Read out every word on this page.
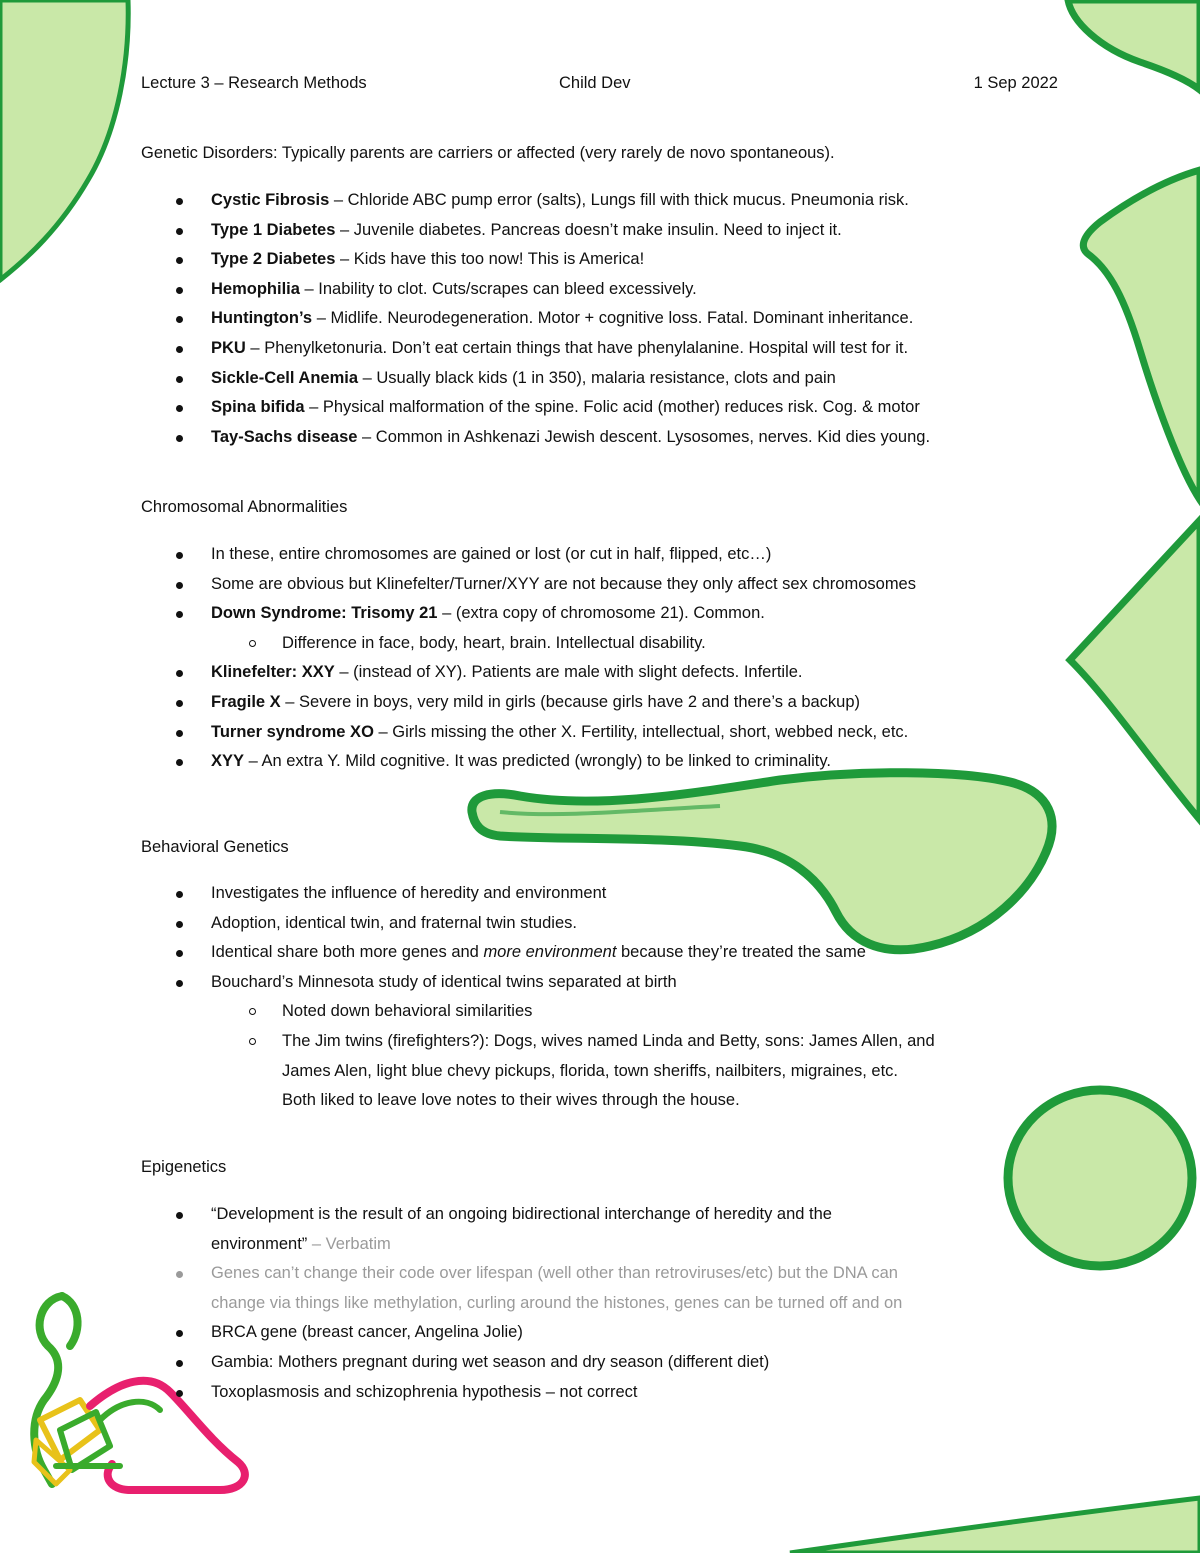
Lecture 3 – Research Methods	Child Dev	1 Sep 2022
Genetic Disorders: Typically parents are carriers or affected (very rarely de novo spontaneous).
Cystic Fibrosis – Chloride ABC pump error (salts), Lungs fill with thick mucus. Pneumonia risk.
Type 1 Diabetes – Juvenile diabetes. Pancreas doesn’t make insulin. Need to inject it.
Type 2 Diabetes – Kids have this too now! This is America!
Hemophilia – Inability to clot. Cuts/scrapes can bleed excessively.
Huntington’s – Midlife. Neurodegeneration. Motor + cognitive loss. Fatal. Dominant inheritance.
PKU – Phenylketonuria. Don’t eat certain things that have phenylalanine. Hospital will test for it.
Sickle-Cell Anemia – Usually black kids (1 in 350), malaria resistance, clots and pain
Spina bifida – Physical malformation of the spine. Folic acid (mother) reduces risk. Cog. & motor
Tay-Sachs disease – Common in Ashkenazi Jewish descent. Lysosomes, nerves. Kid dies young.
Chromosomal Abnormalities
In these, entire chromosomes are gained or lost (or cut in half, flipped, etc…)
Some are obvious but Klinefelter/Turner/XYY are not because they only affect sex chromosomes
Down Syndrome: Trisomy 21 – (extra copy of chromosome 21). Common.
Difference in face, body, heart, brain. Intellectual disability.
Klinefelter: XXY – (instead of XY). Patients are male with slight defects. Infertile.
Fragile X – Severe in boys, very mild in girls (because girls have 2 and there’s a backup)
Turner syndrome XO – Girls missing the other X. Fertility, intellectual, short, webbed neck, etc.
XYY – An extra Y. Mild cognitive. It was predicted (wrongly) to be linked to criminality.
Behavioral Genetics
Investigates the influence of heredity and environment
Adoption, identical twin, and fraternal twin studies.
Identical share both more genes and more environment because they’re treated the same
Bouchard’s Minnesota study of identical twins separated at birth
Noted down behavioral similarities
The Jim twins (firefighters?): Dogs, wives named Linda and Betty, sons: James Allen, and
James Alen, light blue chevy pickups, florida, town sheriffs, nailbiters, migraines, etc.
Both liked to leave love notes to their wives through the house.
Epigenetics
“Development is the result of an ongoing bidirectional interchange of heredity and the
environment” – Verbatim
Genes can’t change their code over lifespan (well other than retroviruses/etc) but the DNA can
change via things like methylation, curling around the histones, genes can be turned off and on
BRCA gene (breast cancer, Angelina Jolie)
Gambia: Mothers pregnant during wet season and dry season (different diet)
Toxoplasmosis and schizophrenia hypothesis – not correct
